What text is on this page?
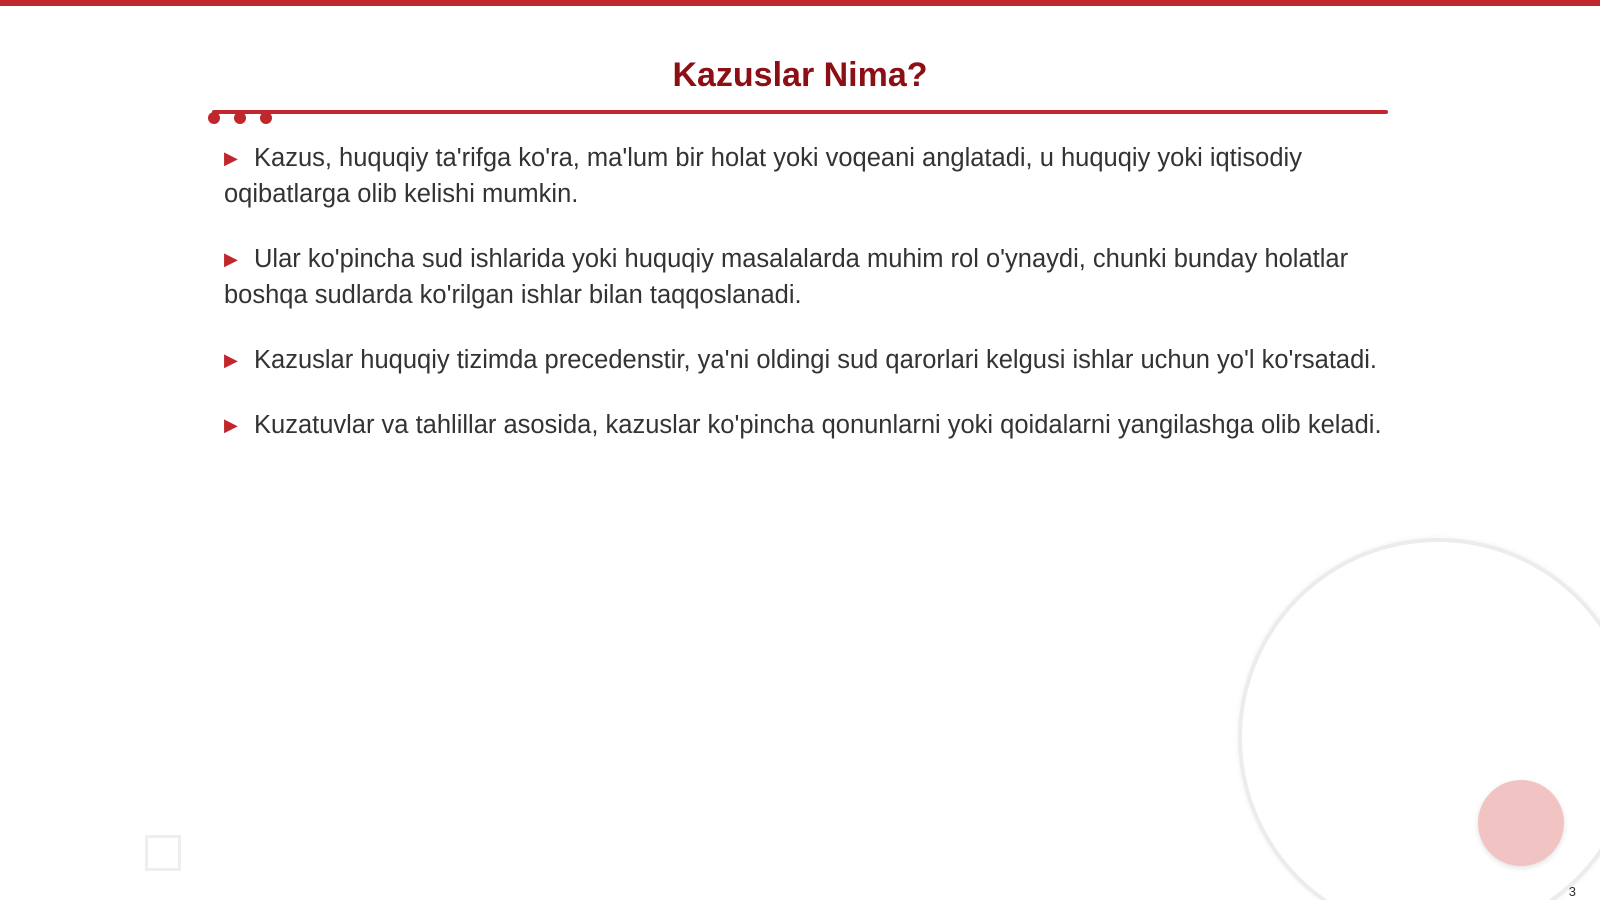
Kazuslar Nima?
▶ Kazus, huquqiy ta'rifga ko'ra, ma'lum bir holat yoki voqeani anglatadi, u huquqiy yoki iqtisodiy oqibatlarga olib kelishi mumkin.
▶ Ular ko'pincha sud ishlarida yoki huquqiy masalalarda muhim rol o'ynaydi, chunki bunday holatlar boshqa sudlarda ko'rilgan ishlar bilan taqqoslanadi.
▶ Kazuslar huquqiy tizimda precedenstir, ya'ni oldingi sud qarorlari kelgusi ishlar uchun yo'l ko'rsatadi.
▶ Kuzatuvlar va tahlillar asosida, kazuslar ko'pincha qonunlarni yoki qoidalarni yangilashga olib keladi.
3
